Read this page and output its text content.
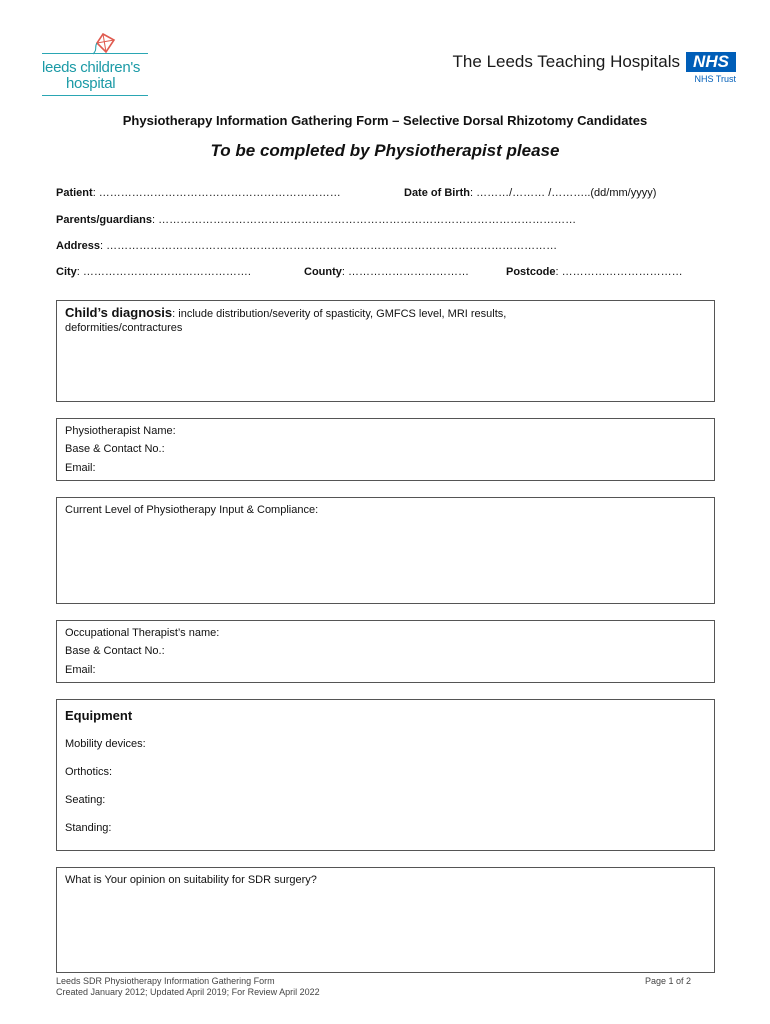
leeds children's
hospital
The Leeds Teaching Hospitals NHS
NHS Trust
Physiotherapy Information Gathering Form – Selective Dorsal Rhizotomy Candidates
To be completed by Physiotherapist please
Patient: …………………………………………………………	Date of Birth: ………/……… /………..(dd/mm/yyyy)
Parents/guardians: ……………………………………………………………………………………………………
Address: ……………………………………………………………………………………………………………
City: ……………………………………….	County: ……………………………	Postcode: ……………………………
Child’s diagnosis: include distribution/severity of spasticity, GMFCS level, MRI results,
deformities/contractures
Physiotherapist Name:
Base & Contact No.:
Email:
Current Level of Physiotherapy Input & Compliance:
Occupational Therapist’s name:
Base & Contact No.:
Email:
Equipment
Mobility devices:
Orthotics:
Seating:
Standing:
What is Your opinion on suitability for SDR surgery?
Leeds SDR Physiotherapy Information Gathering Form
Created January 2012; Updated April 2019; For Review April 2022
Page 1 of 2
